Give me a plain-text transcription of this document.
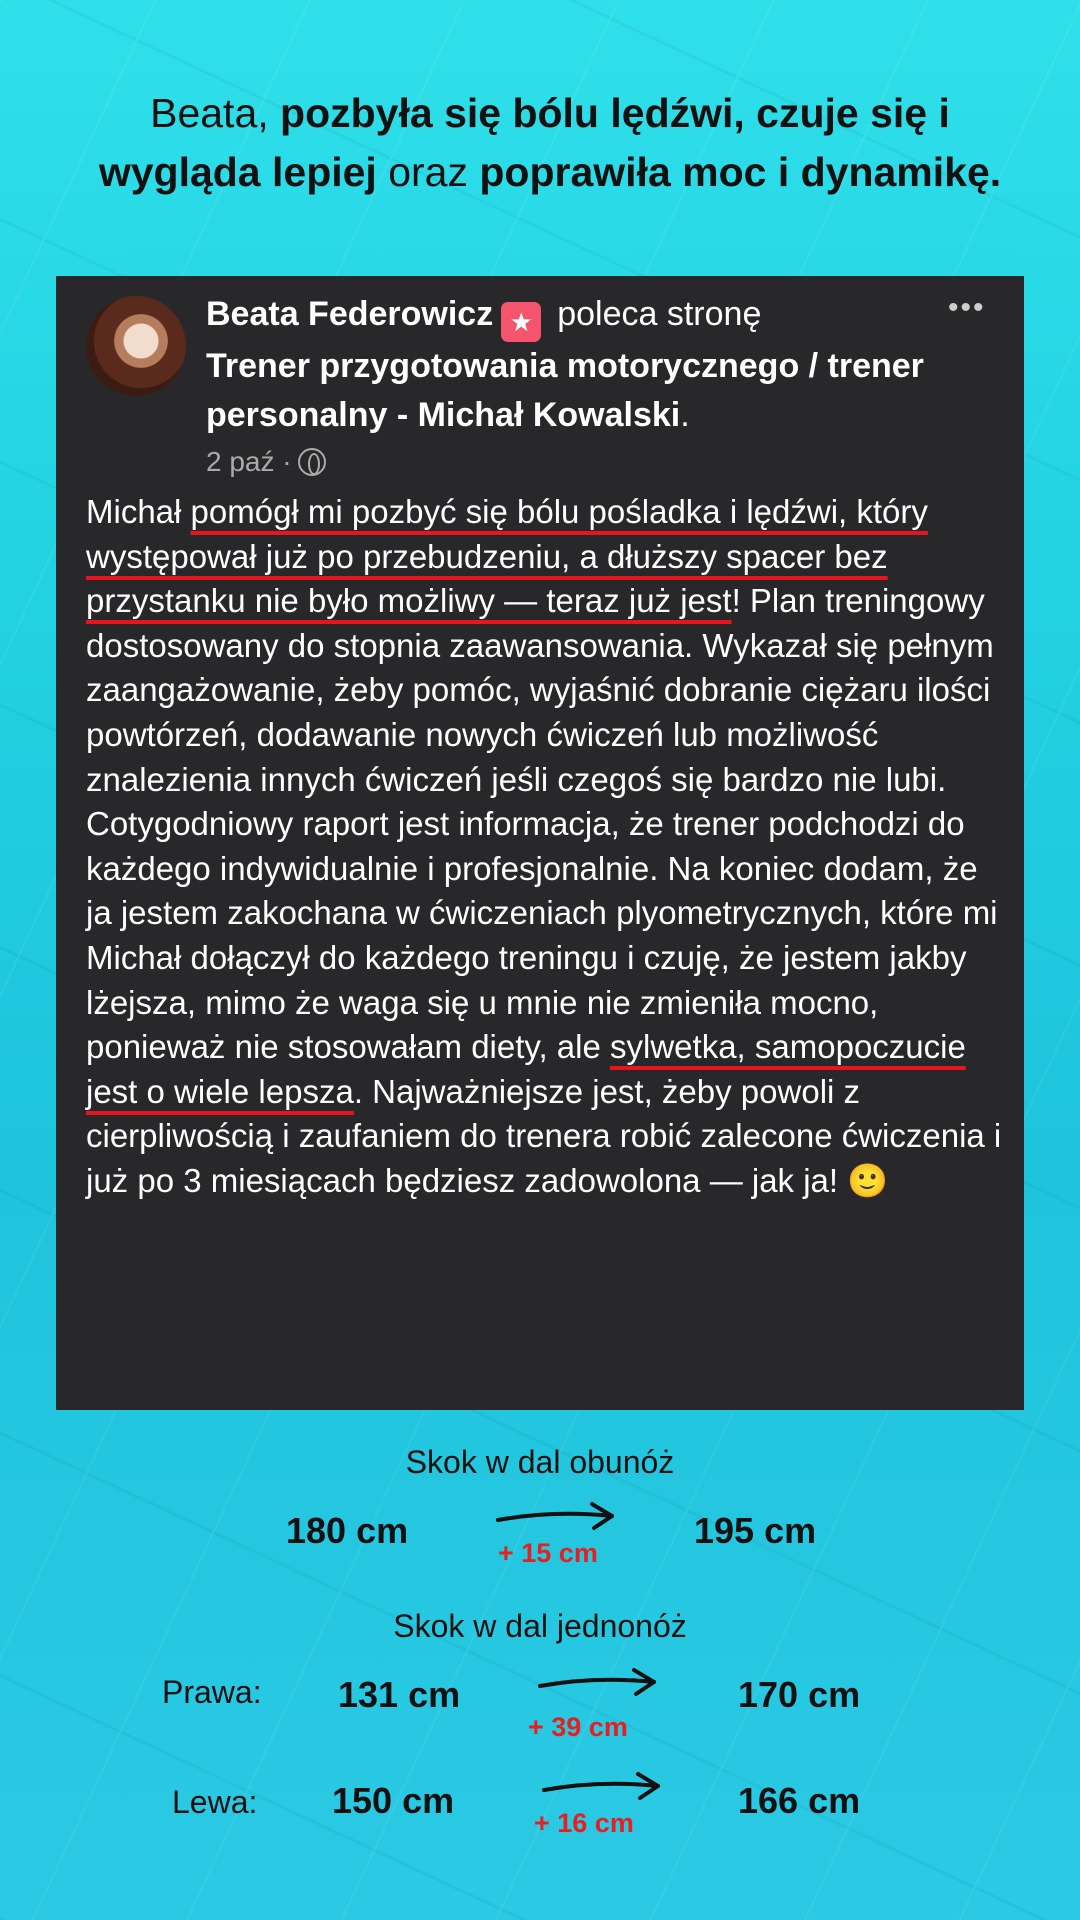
Beata, pozbyła się bólu lędźwi, czuje się i wygląda lepiej oraz poprawiła moc i dynamikę.
Beata Federowicz ★ poleca stronę
Trener przygotowania motorycznego / trener personalny - Michał Kowalski.
2 paź ·
•••
Michał pomógł mi pozbyć się bólu pośladka i lędźwi, który występował już po przebudzeniu, a dłuższy spacer bez przystanku nie było możliwy — teraz już jest! Plan treningowy dostosowany do stopnia zaawansowania. Wykazał się pełnym zaangażowanie, żeby pomóc, wyjaśnić dobranie ciężaru ilości powtórzeń, dodawanie nowych ćwiczeń lub możliwość znalezienia innych ćwiczeń jeśli czegoś się bardzo nie lubi. Cotygodniowy raport jest informacja, że trener podchodzi do każdego indywidualnie i profesjonalnie. Na koniec dodam, że ja jestem zakochana w ćwiczeniach plyometrycznych, które mi Michał dołączył do każdego treningu i czuję, że jestem jakby lżejsza, mimo że waga się u mnie nie zmieniła mocno, ponieważ nie stosowałam diety, ale sylwetka, samopoczucie jest o wiele lepsza. Najważniejsze jest, żeby powoli z cierpliwością i zaufaniem do trenera robić zalecone ćwiczenia i już po 3 miesiącach będziesz zadowolona — jak ja! 🙂
Skok w dal obunóż
180 cm
+ 15 cm
195 cm
Skok w dal jednonóż
Prawa: 131 cm
+ 39 cm
170 cm
Lewa: 150 cm
+ 16 cm
166 cm
